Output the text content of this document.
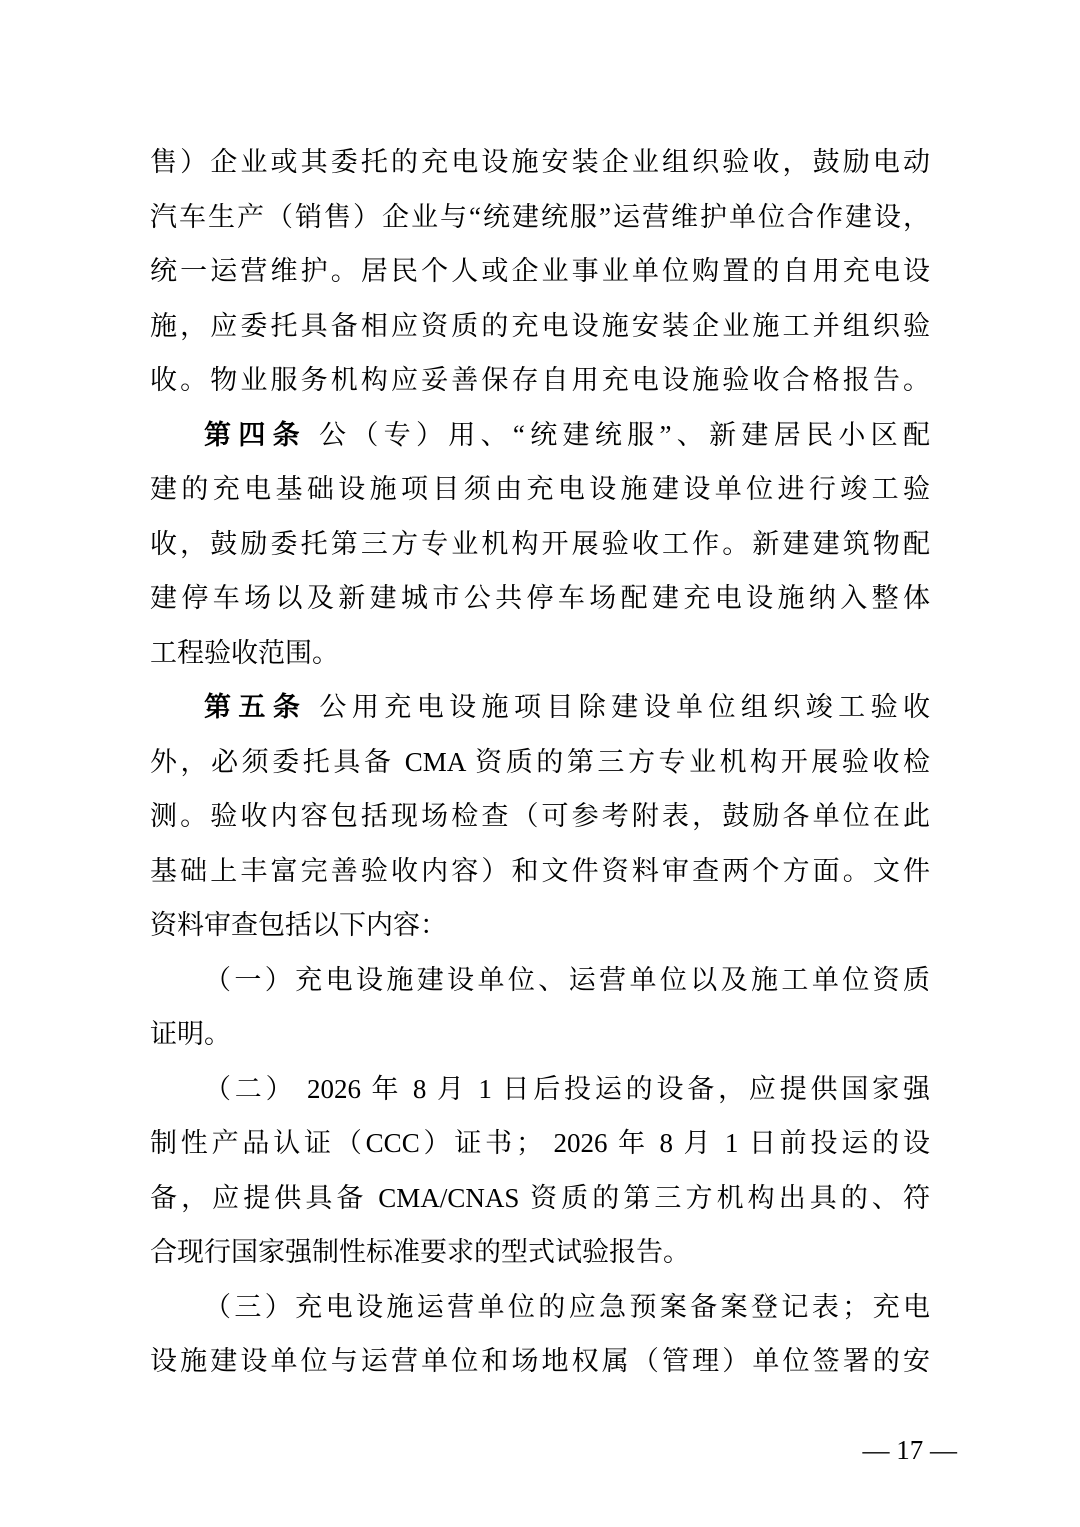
售）企业或其委托的充电设施安装企业组织验收，鼓励电动
汽车生产（销售）企业与“统建统服”运营维护单位合作建设，
统一运营维护。居民个人或企业事业单位购置的自用充电设
施，应委托具备相应资质的充电设施安装企业施工并组织验
收。物业服务机构应妥善保存自用充电设施验收合格报告。
第四条 公（专）用、“统建统服”、新建居民小区配
建的充电基础设施项目须由充电设施建设单位进行竣工验
收，鼓励委托第三方专业机构开展验收工作。新建建筑物配
建停车场以及新建城市公共停车场配建充电设施纳入整体
工程验收范围。
第五条 公用充电设施项目除建设单位组织竣工验收
外，必须委托具备 CMA 资质的第三方专业机构开展验收检
测。验收内容包括现场检查（可参考附表，鼓励各单位在此
基础上丰富完善验收内容）和文件资料审查两个方面。文件
资料审查包括以下内容：
（一）充电设施建设单位、运营单位以及施工单位资质
证明。
（二） 2026 年 8 月 1 日后投运的设备，应提供国家强
制性产品认证（CCC）证书； 2026 年 8 月 1 日前投运的设
备，应提供具备 CMA/CNAS 资质的第三方机构出具的、符
合现行国家强制性标准要求的型式试验报告。
（三）充电设施运营单位的应急预案备案登记表；充电
设施建设单位与运营单位和场地权属（管理）单位签署的安
— 17 —
